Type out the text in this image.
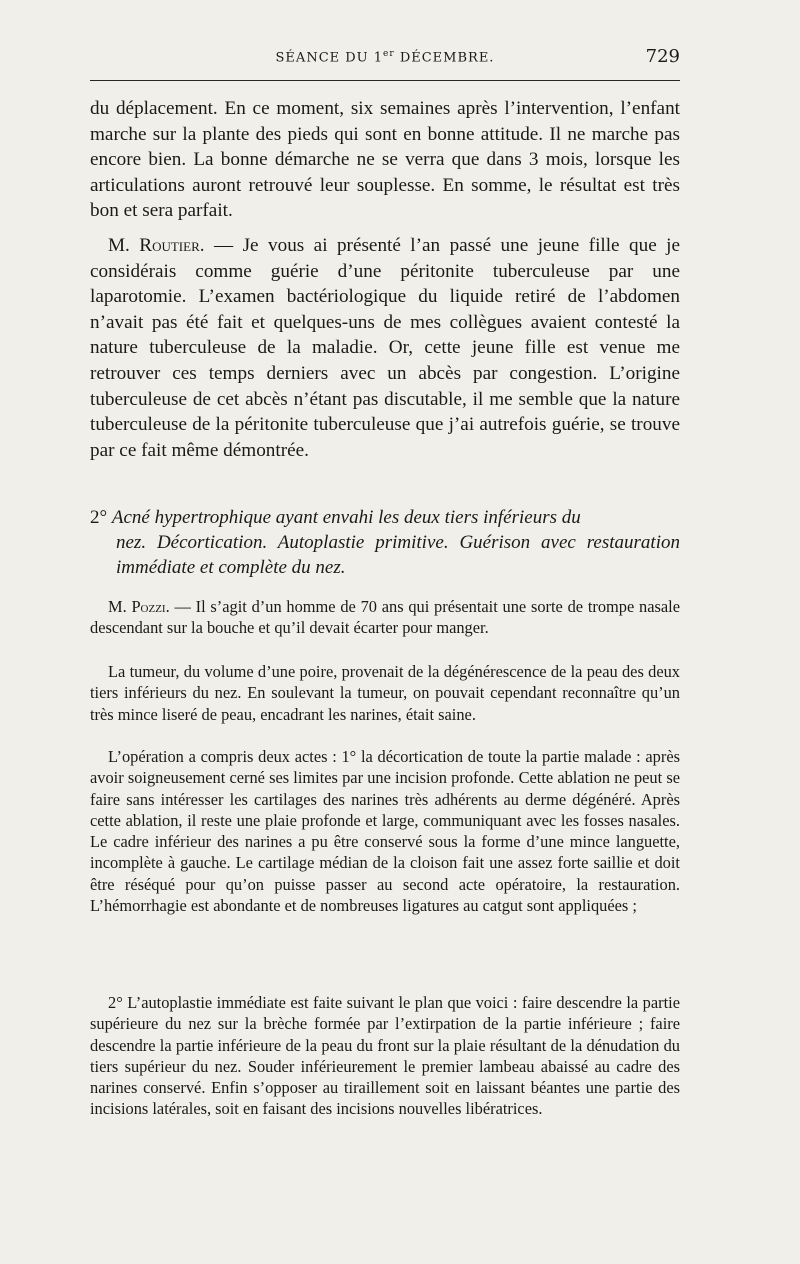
SÉANCE DU 1er DÉCEMBRE.	729

du déplacement. En ce moment, six semaines après l’intervention, l’enfant marche sur la plante des pieds qui sont en bonne attitude. Il ne marche pas encore bien. La bonne démarche ne se verra que dans 3 mois, lorsque les articulations auront retrouvé leur souplesse. En somme, le résultat est très bon et sera parfait.

M. Routier. — Je vous ai présenté l’an passé une jeune fille que je considérais comme guérie d’une péritonite tuberculeuse par une laparotomie. L’examen bactériologique du liquide retiré de l’abdomen n’avait pas été fait et quelques-uns de mes collègues avaient contesté la nature tuberculeuse de la maladie. Or, cette jeune fille est venue me retrouver ces temps derniers avec un abcès par congestion. L’origine tuberculeuse de cet abcès n’étant pas discutable, il me semble que la nature tuberculeuse de la péritonite tuberculeuse que j’ai autrefois guérie, se trouve par ce fait même démontrée.

2° Acné hypertrophique ayant envahi les deux tiers inférieurs du
nez. Décortication. Autoplastie primitive. Guérison avec restauration immédiate et complète du nez.

M. Pozzi. — Il s’agit d’un homme de 70 ans qui présentait une sorte de trompe nasale descendant sur la bouche et qu’il devait écarter pour manger.

La tumeur, du volume d’une poire, provenait de la dégénérescence de la peau des deux tiers inférieurs du nez. En soulevant la tumeur, on pouvait cependant reconnaître qu’un très mince liseré de peau, encadrant les narines, était saine.

L’opération a compris deux actes : 1° la décortication de toute la partie malade : après avoir soigneusement cerné ses limites par une incision profonde. Cette ablation ne peut se faire sans intéresser les cartilages des narines très adhérents au derme dégénéré. Après cette ablation, il reste une plaie profonde et large, communiquant avec les fosses nasales. Le cadre inférieur des narines a pu être conservé sous la forme d’une mince languette, incomplète à gauche. Le cartilage médian de la cloison fait une assez forte saillie et doit être réséqué pour qu’on puisse passer au second acte opératoire, la restauration. L’hémorrhagie est abondante et de nombreuses ligatures au catgut sont appliquées ;

2° L’autoplastie immédiate est faite suivant le plan que voici : faire descendre la partie supérieure du nez sur la brèche formée par l’extirpation de la partie inférieure ; faire descendre la partie inférieure de la peau du front sur la plaie résultant de la dénudation du tiers supérieur du nez. Souder inférieurement le premier lambeau abaissé au cadre des narines conservé. Enfin s’opposer au tiraillement soit en laissant béantes une partie des incisions latérales, soit en faisant des incisions nouvelles libératrices.
